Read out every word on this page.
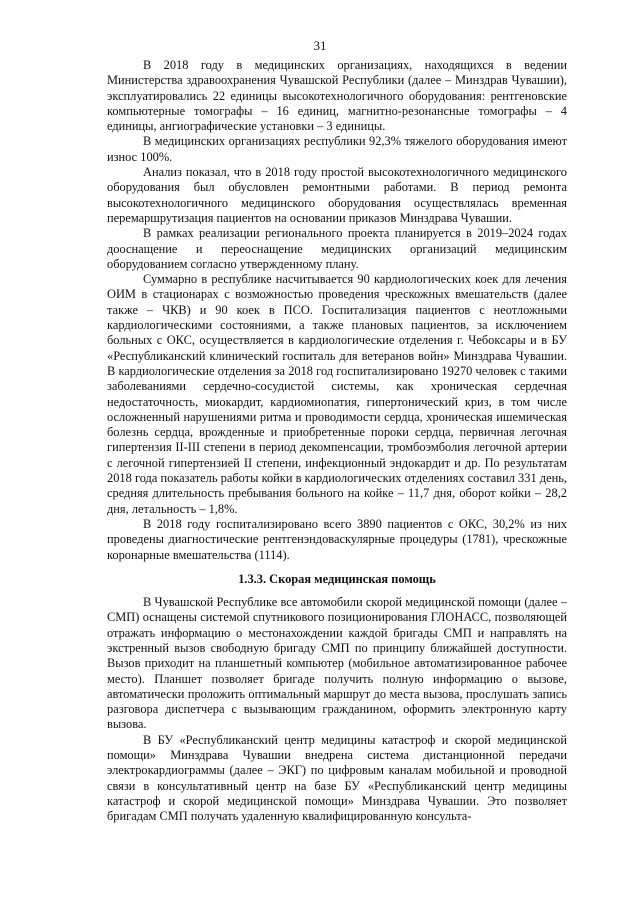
31

В 2018 году в медицинских организациях, находящихся в ведении Министерства здравоохранения Чувашской Республики (далее – Минздрав Чувашии), эксплуатировались 22 единицы высокотехнологичного оборудования: рентгеновские компьютерные томографы – 16 единиц, магнитно-резонансные томографы – 4 единицы, ангиографические установки – 3 единицы.

В медицинских организациях республики 92,3% тяжелого оборудования имеют износ 100%.

Анализ показал, что в 2018 году простой высокотехнологичного медицинского оборудования был обусловлен ремонтными работами. В период ремонта высокотехнологичного медицинского оборудования осуществлялась временная перемаршрутизация пациентов на основании приказов Минздрава Чувашии.

В рамках реализации регионального проекта планируется в 2019–2024 годах дооснащение и переоснащение медицинских организаций медицинским оборудованием согласно утвержденному плану.

Суммарно в республике насчитывается 90 кардиологических коек для лечения ОИМ в стационарах с возможностью проведения чрескожных вмешательств (далее также – ЧКВ) и 90 коек в ПСО. Госпитализация пациентов с неотложными кардиологическими состояниями, а также плановых пациентов, за исключением больных с ОКС, осуществляется в кардиологические отделения г. Чебоксары и в БУ «Республиканский клинический госпиталь для ветеранов войн» Минздрава Чувашии. В кардиологические отделения за 2018 год госпитализировано 19270 человек с такими заболеваниями сердечно-сосудистой системы, как хроническая сердечная недостаточность, миокардит, кардиомиопатия, гипертонический криз, в том числе осложненный нарушениями ритма и проводимости сердца, хроническая ишемическая болезнь сердца, врожденные и приобретенные пороки сердца, первичная легочная гипертензия II-III степени в период декомпенсации, тромбоэмболия легочной артерии с легочной гипертензией II степени, инфекционный эндокардит и др. По результатам 2018 года показатель работы койки в кардиологических отделениях составил 331 день, средняя длительность пребывания больного на койке – 11,7 дня, оборот койки – 28,2 дня, летальность – 1,8%.

В 2018 году госпитализировано всего 3890 пациентов с ОКС, 30,2% из них проведены диагностические рентгенэндоваскулярные процедуры (1781), чрескожные коронарные вмешательства (1114).

1.3.3. Скорая медицинская помощь

В Чувашской Республике все автомобили скорой медицинской помощи (далее – СМП) оснащены системой спутникового позиционирования ГЛОНАСС, позволяющей отражать информацию о местонахождении каждой бригады СМП и направлять на экстренный вызов свободную бригаду СМП по принципу ближайшей доступности. Вызов приходит на планшетный компьютер (мобильное автоматизированное рабочее место). Планшет позволяет бригаде получить полную информацию о вызове, автоматически проложить оптимальный маршрут до места вызова, прослушать запись разговора диспетчера с вызывающим гражданином, оформить электронную карту вызова.

В БУ «Республиканский центр медицины катастроф и скорой медицинской помощи» Минздрава Чувашии внедрена система дистанционной передачи электрокардиограммы (далее – ЭКГ) по цифровым каналам мобильной и проводной связи в консультативный центр на базе БУ «Республиканский центр медицины катастроф и скорой медицинской помощи» Минздрава Чувашии. Это позволяет бригадам СМП получать удаленную квалифицированную консульта-
